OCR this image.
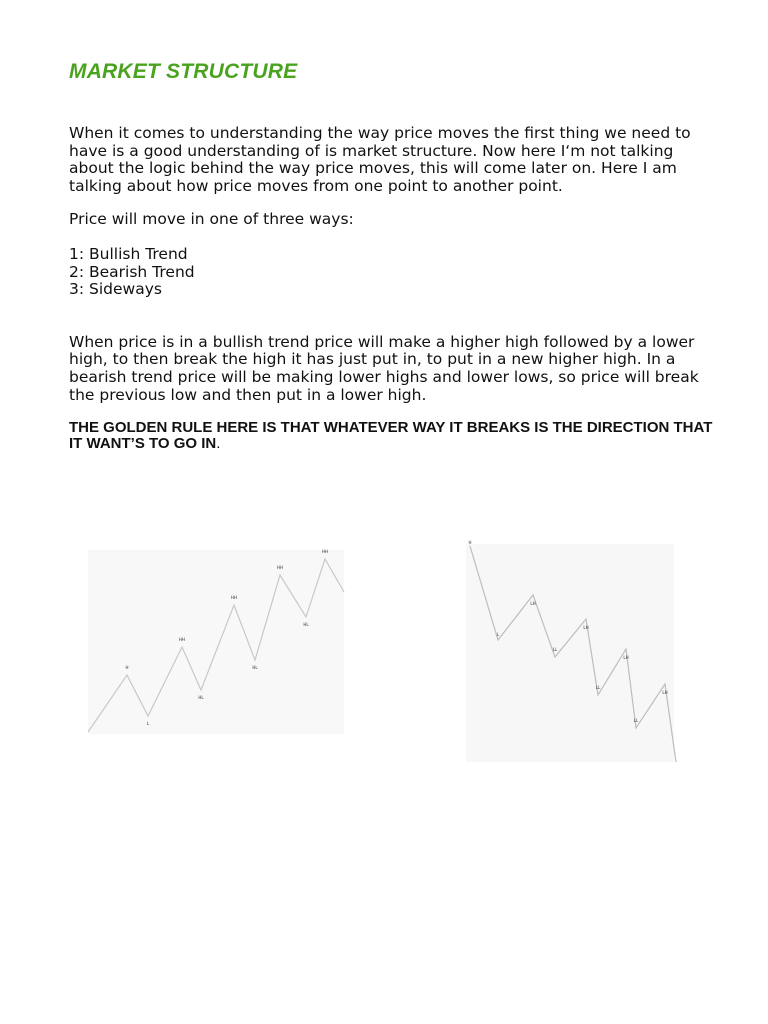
MARKET STRUCTURE

When it comes to understanding the way price moves the first thing we need to have is a good understanding of is market structure. Now here I‘m not talking about the logic behind the way price moves, this will come later on. Here I am talking about how price moves from one point to another point.

Price will move in one of three ways:

1: Bullish Trend
2: Bearish Trend
3: Sideways

When price is in a bullish trend price will make a higher high followed by a lower high, to then break the high it has just put in, to put in a new higher high. In a bearish trend price will be making lower highs and lower lows, so price will break the previous low and then put in a lower high.

THE GOLDEN RULE HERE IS THAT WHATEVER WAY IT BREAKS IS THE DIRECTION THAT IT WANT’S TO GO IN.

H
L
HH
HL
HH
HL
HH
HL
HH
L
LH
LL
LH
LL
LH
LL
LH
H
